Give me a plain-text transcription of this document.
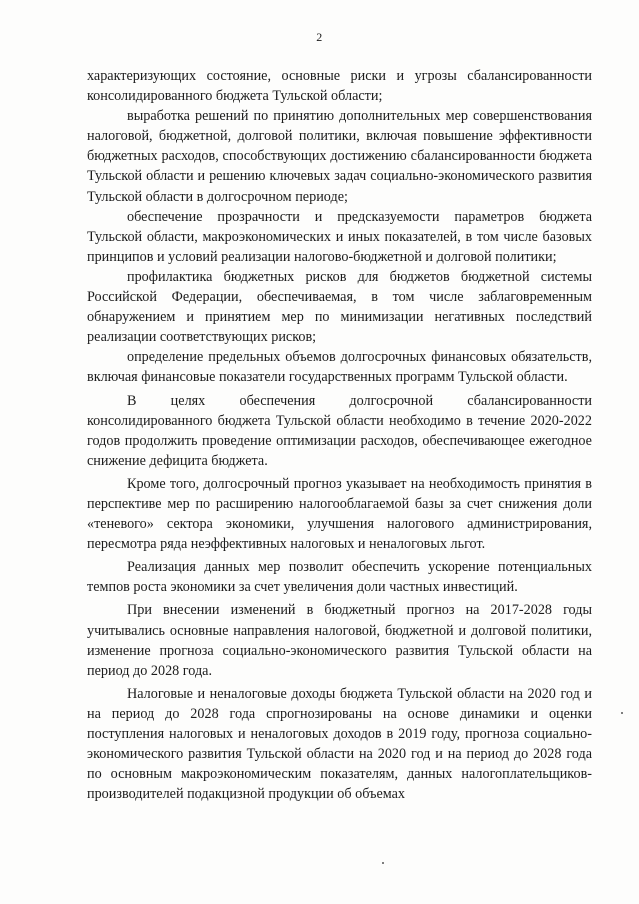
2

характеризующих состояние, основные риски и угрозы сбалансированности консолидированного бюджета Тульской области;

выработка решений по принятию дополнительных мер совершенствования налоговой, бюджетной, долговой политики, включая повышение эффективности бюджетных расходов, способствующих достижению сбалансированности бюджета Тульской области и решению ключевых задач социально-экономического развития Тульской области в долгосрочном периоде;

обеспечение прозрачности и предсказуемости параметров бюджета Тульской области, макроэкономических и иных показателей, в том числе базовых принципов и условий реализации налогово-бюджетной и долговой политики;

профилактика бюджетных рисков для бюджетов бюджетной системы Российской Федерации, обеспечиваемая, в том числе заблаговременным обнаружением и принятием мер по минимизации негативных последствий реализации соответствующих рисков;

определение предельных объемов долгосрочных финансовых обязательств, включая финансовые показатели государственных программ Тульской области.

В целях обеспечения долгосрочной сбалансированности консолидированного бюджета Тульской области необходимо в течение 2020-2022 годов продолжить проведение оптимизации расходов, обеспечивающее ежегодное снижение дефицита бюджета.

Кроме того, долгосрочный прогноз указывает на необходимость принятия в перспективе мер по расширению налогооблагаемой базы за счет снижения доли «теневого» сектора экономики, улучшения налогового администрирования, пересмотра ряда неэффективных налоговых и неналоговых льгот.

Реализация данных мер позволит обеспечить ускорение потенциальных темпов роста экономики за счет увеличения доли частных инвестиций.

При внесении изменений в бюджетный прогноз на 2017-2028 годы учитывались основные направления налоговой, бюджетной и долговой политики, изменение прогноза социально-экономического развития Тульской области на период до 2028 года.

Налоговые и неналоговые доходы бюджета Тульской области на 2020 год и на период до 2028 года спрогнозированы на основе динамики и оценки поступления налоговых и неналоговых доходов в 2019 году, прогноза социально-экономического развития Тульской области на 2020 год и на период до 2028 года по основным макроэкономическим показателям, данных налогоплательщиков-производителей подакцизной продукции об объемах
